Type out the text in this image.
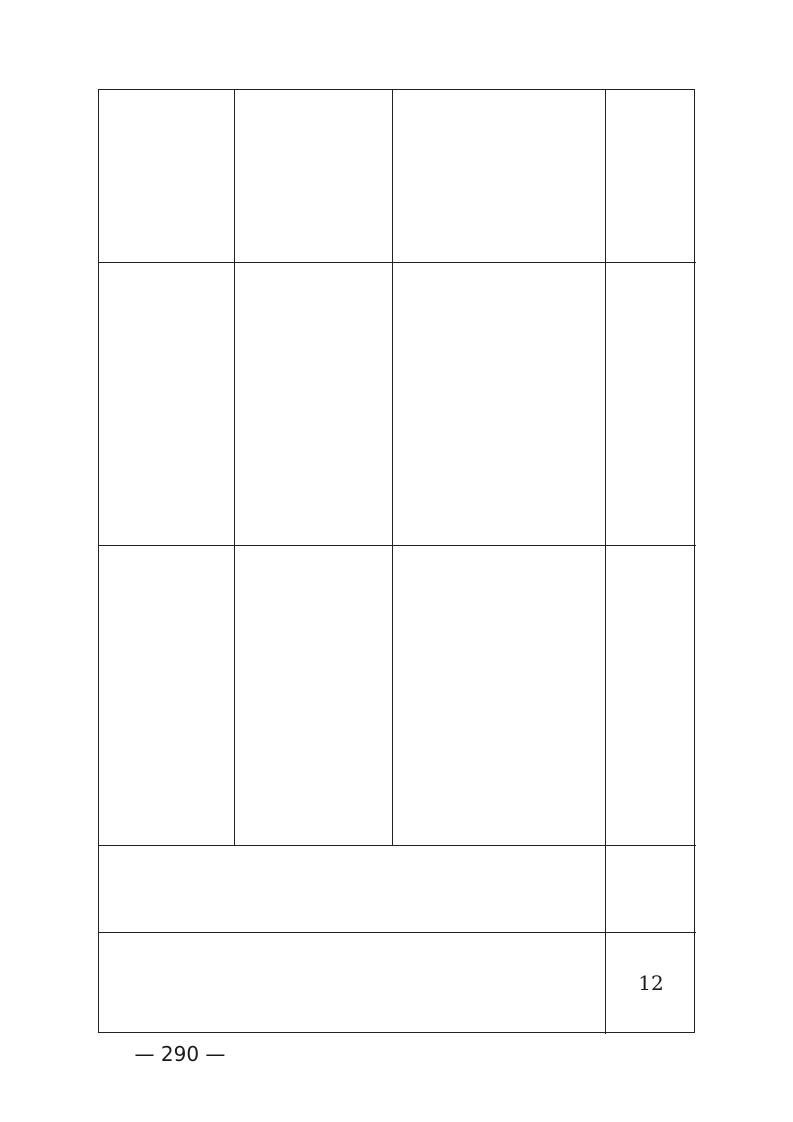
12
— 290 —
